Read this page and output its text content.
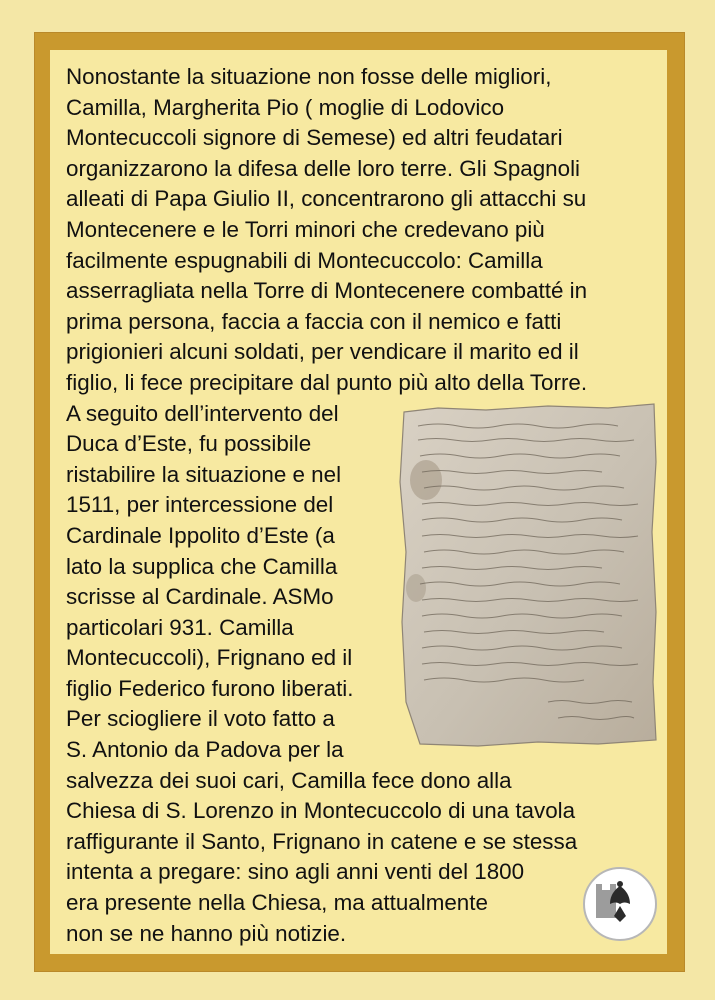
Nonostante la situazione non fosse delle migliori,

Camilla, Margherita Pio ( moglie di Lodovico

Montecuccoli signore di Semese) ed altri feudatari

organizzarono la difesa delle loro terre. Gli Spagnoli

alleati di Papa Giulio II, concentrarono gli attacchi su

Montecenere e le Torri minori che credevano più

facilmente espugnabili di Montecuccolo: Camilla

asserragliata nella Torre di Montecenere combatté in

prima persona, faccia a faccia con il nemico e fatti

prigionieri alcuni soldati, per vendicare il marito ed il

figlio, li fece precipitare dal punto più alto della Torre.

A seguito dell’intervento del

Duca d’Este, fu possibile

ristabilire la situazione e nel

1511, per intercessione del

Cardinale Ippolito d’Este (a

lato la supplica che Camilla

scrisse al Cardinale. ASMo

particolari 931. Camilla

Montecuccoli), Frignano ed il

figlio Federico furono liberati.

Per sciogliere il voto fatto a

S. Antonio da Padova per la

salvezza dei suoi cari, Camilla fece dono alla

Chiesa di S. Lorenzo in Montecuccolo di una tavola

raffigurante il Santo, Frignano in catene e se stessa

intenta a pregare: sino agli anni venti del 1800

era presente nella Chiesa, ma attualmente

non se ne hanno più notizie.
